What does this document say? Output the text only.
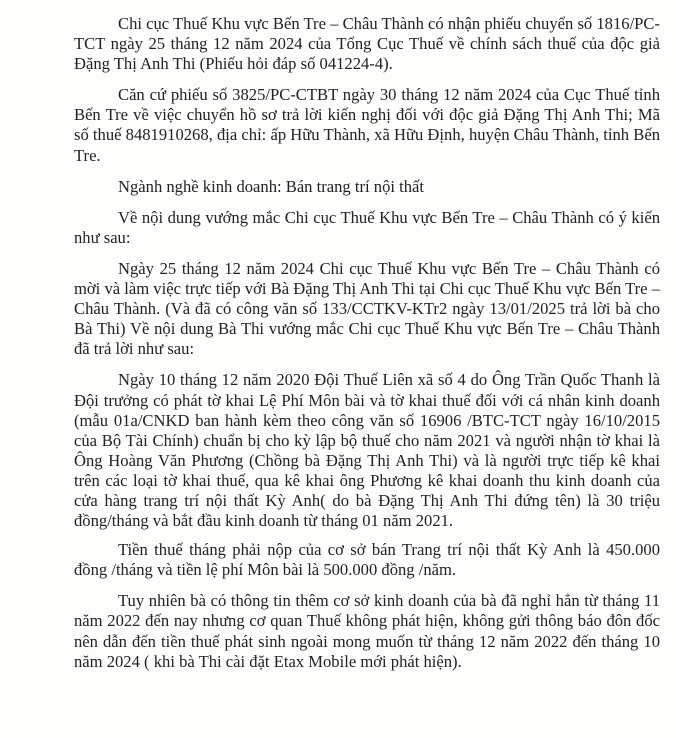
Chi cục Thuế Khu vực Bến Tre – Châu Thành có nhận phiếu chuyển số 1816/PC-TCT ngày 25 tháng 12 năm 2024 của Tổng Cục Thuế về chính sách thuế của độc giả Đặng Thị Anh Thi (Phiếu hỏi đáp số 041224-4).

Căn cứ phiếu số 3825/PC-CTBT ngày 30 tháng 12 năm 2024 của Cục Thuế tỉnh Bến Tre về việc chuyển hồ sơ trả lời kiến nghị đối với độc giả Đặng Thị Anh Thi; Mã số thuế 8481910268, địa chỉ: ấp Hữu Thành, xã Hữu Định, huyện Châu Thành, tỉnh Bến Tre.

Ngành nghề kinh doanh: Bán trang trí nội thất

Về nội dung vướng mắc Chi cục Thuế Khu vực Bến Tre – Châu Thành có ý kiến như sau:

Ngày 25 tháng 12 năm 2024 Chi cục Thuế Khu vực Bến Tre – Châu Thành có mời và làm việc trực tiếp với Bà Đặng Thị Anh Thi tại Chi cục Thuế Khu vực Bến Tre – Châu Thành. (Và đã có công văn số 133/CCTKV-KTr2 ngày 13/01/2025 trả lời bà cho Bà Thi) Về nội dung Bà Thi vướng mắc Chi cục Thuế Khu vực Bến Tre – Châu Thành đã trả lời như sau:

Ngày 10 tháng 12 năm 2020 Đội Thuế Liên xã số 4 do Ông Trần Quốc Thanh là Đội trưởng có phát tờ khai Lệ Phí Môn bài và tờ khai thuế đối với cá nhân kinh doanh (mẫu 01a/CNKD ban hành kèm theo công văn số 16906 /BTC-TCT ngày 16/10/2015 của Bộ Tài Chính) chuẩn bị cho kỳ lập bộ thuế cho năm 2021 và người nhận tờ khai là Ông Hoàng Văn Phương (Chồng bà Đặng Thị Anh Thi) và là người trực tiếp kê khai trên các loại tờ khai thuế, qua kê khai ông Phương kê khai doanh thu kinh doanh của cửa hàng trang trí nội thất Kỳ Anh( do bà Đặng Thị Anh Thi đứng tên) là 30 triệu đồng/tháng và bắt đầu kinh doanh từ tháng 01 năm 2021.

Tiền thuế tháng phải nộp của cơ sở bán Trang trí nội thất Kỳ Anh là 450.000 đồng /tháng và tiền lệ phí Môn bài là 500.000 đồng /năm.

Tuy nhiên bà có thông tin thêm cơ sở kinh doanh của bà đã nghỉ hẳn từ tháng 11 năm 2022 đến nay nhưng cơ quan Thuế không phát hiện, không gửi thông báo đôn đốc nên dẫn đến tiền thuế phát sinh ngoài mong muốn từ tháng 12 năm 2022 đến tháng 10 năm 2024 ( khi bà Thi cài đặt Etax Mobile mới phát hiện).
